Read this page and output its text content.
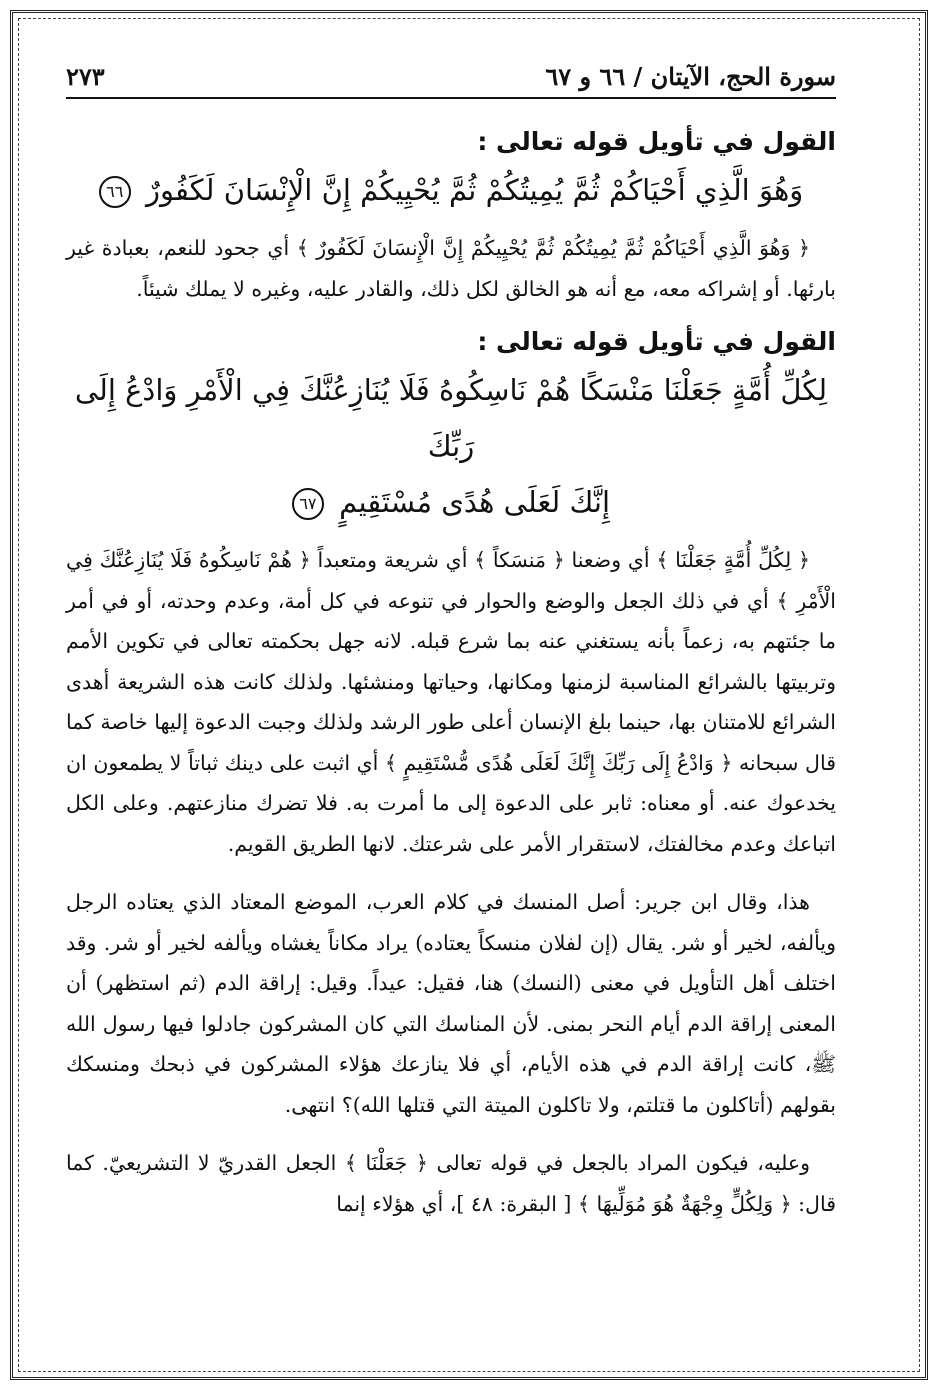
سورة الحج، الآيتان / ٦٦ و ٦٧
٢٧٣
القول في تأويل قوله تعالى :
وَهُوَ الَّذِي أَحْيَاكُمْ ثُمَّ يُمِيتُكُمْ ثُمَّ يُحْيِيكُمْ إِنَّ الْإِنْسَانَ لَكَفُورٌ ٦٦

﴿ وَهُوَ الَّذِي أَحْيَاكُمْ ثُمَّ يُمِيتُكُمْ ثُمَّ يُحْيِيكُمْ إِنَّ الْإِنسَانَ لَكَفُورٌ ﴾ أي جحود للنعم، بعبادة غير بارئها. أو إشراكه معه، مع أنه هو الخالق لكل ذلك، والقادر عليه، وغيره لا يملك شيئاً.

القول في تأويل قوله تعالى :
لِكُلِّ أُمَّةٍ جَعَلْنَا مَنْسَكًا هُمْ نَاسِكُوهُ فَلَا يُنَازِعُنَّكَ فِي الْأَمْرِ وَادْعُ إِلَى رَبِّكَ
إِنَّكَ لَعَلَى هُدًى مُسْتَقِيمٍ ٦٧

﴿ لِكُلِّ أُمَّةٍ جَعَلْنَا ﴾ أي وضعنا ﴿ مَنسَكاً ﴾ أي شريعة ومتعبداً ﴿ هُمْ نَاسِكُوهُ فَلَا يُنَازِعُنَّكَ فِي الْأَمْرِ ﴾ أي في ذلك الجعل والوضع والحوار في تنوعه في كل أمة، وعدم وحدته، أو في أمر ما جئتهم به، زعماً بأنه يستغني عنه بما شرع قبله. لانه جهل بحكمته تعالى في تكوين الأمم وتربيتها بالشرائع المناسبة لزمنها ومكانها، وحياتها ومنشئها. ولذلك كانت هذه الشريعة أهدى الشرائع للامتنان بها، حينما بلغ الإنسان أعلى طور الرشد ولذلك وجبت الدعوة إليها خاصة كما قال سبحانه ﴿ وَادْعُ إِلَى رَبِّكَ إِنَّكَ لَعَلَى هُدًى مُّسْتَقِيمٍ ﴾ أي اثبت على دينك ثباتاً لا يطمعون ان يخدعوك عنه. أو معناه: ثابر على الدعوة إلى ما أمرت به. فلا تضرك منازعتهم. وعلى الكل اتباعك وعدم مخالفتك، لاستقرار الأمر على شرعتك. لانها الطريق القويم.

هذا، وقال ابن جرير: أصل المنسك في كلام العرب، الموضع المعتاد الذي يعتاده الرجل ويألفه، لخير أو شر. يقال (إن لفلان منسكاً يعتاده) يراد مكاناً يغشاه ويألفه لخير أو شر. وقد اختلف أهل التأويل في معنى (النسك) هنا، فقيل: عيداً. وقيل: إراقة الدم (ثم استظهر) أن المعنى إراقة الدم أيام النحر بمنى. لأن المناسك التي كان المشركون جادلوا فيها رسول الله ﷺ، كانت إراقة الدم في هذه الأيام، أي فلا ينازعك هؤلاء المشركون في ذبحك ومنسكك بقولهم (أتاكلون ما قتلتم، ولا تاكلون الميتة التي قتلها الله)؟ انتهى.

وعليه، فيكون المراد بالجعل في قوله تعالى ﴿ جَعَلْنَا ﴾ الجعل القدريّ لا التشريعيّ. كما قال: ﴿ وَلِكُلٍّ وِجْهَةٌ هُوَ مُوَلِّيهَا ﴾ [ البقرة: ٤٨ ]، أي هؤلاء إنما
